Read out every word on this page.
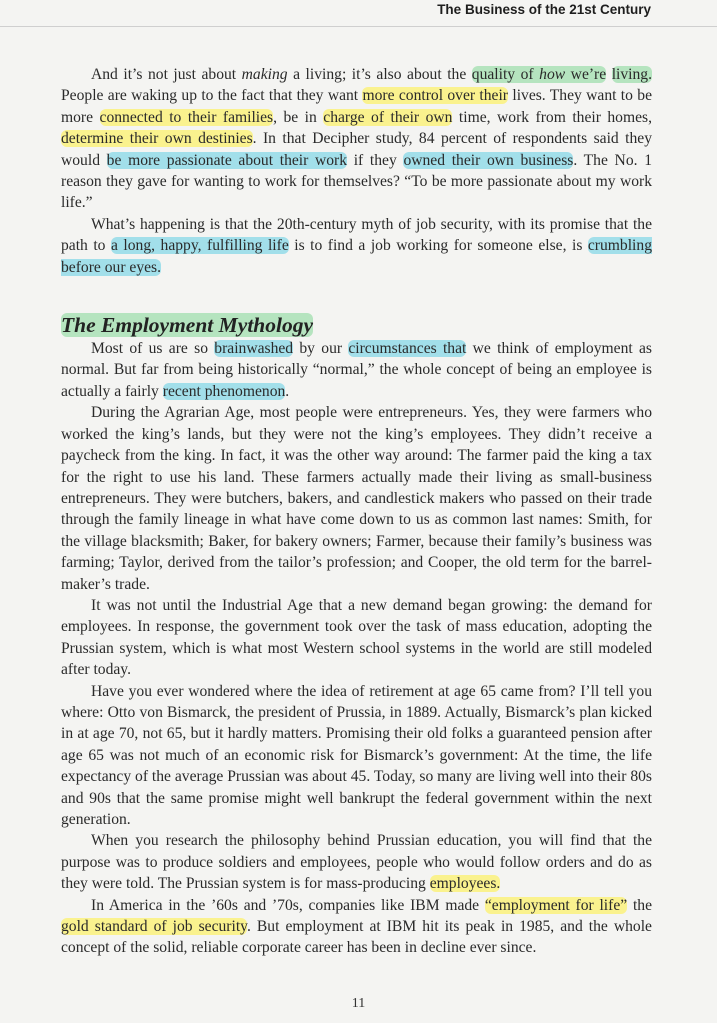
The Business of the 21st Century

And it’s not just about making a living; it’s also about the quality of how we’re living. People are waking up to the fact that they want more control over their lives. They want to be more connected to their families, be in charge of their own time, work from their homes, determine their own destinies. In that Decipher study, 84 percent of respondents said they would be more passionate about their work if they owned their own business. The No. 1 reason they gave for wanting to work for themselves? “To be more passionate about my work life.”

What’s happening is that the 20th-century myth of job security, with its promise that the path to a long, happy, fulfilling life is to find a job working for someone else, is crumbling before our eyes.

The Employment Mythology

Most of us are so brainwashed by our circumstances that we think of employment as normal. But far from being historically “normal,” the whole concept of being an employee is actually a fairly recent phenomenon.

During the Agrarian Age, most people were entrepreneurs. Yes, they were farmers who worked the king’s lands, but they were not the king’s employees. They didn’t receive a paycheck from the king. In fact, it was the other way around: The farmer paid the king a tax for the right to use his land. These farmers actually made their living as small-business entrepreneurs. They were butchers, bakers, and candlestick makers who passed on their trade through the family lineage in what have come down to us as common last names: Smith, for the village blacksmith; Baker, for bakery owners; Farmer, because their family’s business was farming; Taylor, derived from the tailor’s profession; and Cooper, the old term for the barrel-maker’s trade.

It was not until the Industrial Age that a new demand began growing: the demand for employees. In response, the government took over the task of mass education, adopting the Prussian system, which is what most Western school systems in the world are still modeled after today.

Have you ever wondered where the idea of retirement at age 65 came from? I’ll tell you where: Otto von Bismarck, the president of Prussia, in 1889. Actually, Bismarck’s plan kicked in at age 70, not 65, but it hardly matters. Promising their old folks a guaranteed pension after age 65 was not much of an economic risk for Bismarck’s government: At the time, the life expectancy of the average Prussian was about 45. Today, so many are living well into their 80s and 90s that the same promise might well bankrupt the federal government within the next generation.

When you research the philosophy behind Prussian education, you will find that the purpose was to produce soldiers and employees, people who would follow orders and do as they were told. The Prussian system is for mass-producing employees.

In America in the ’60s and ’70s, companies like IBM made “employment for life” the gold standard of job security. But employment at IBM hit its peak in 1985, and the whole concept of the solid, reliable corporate career has been in decline ever since.

11
